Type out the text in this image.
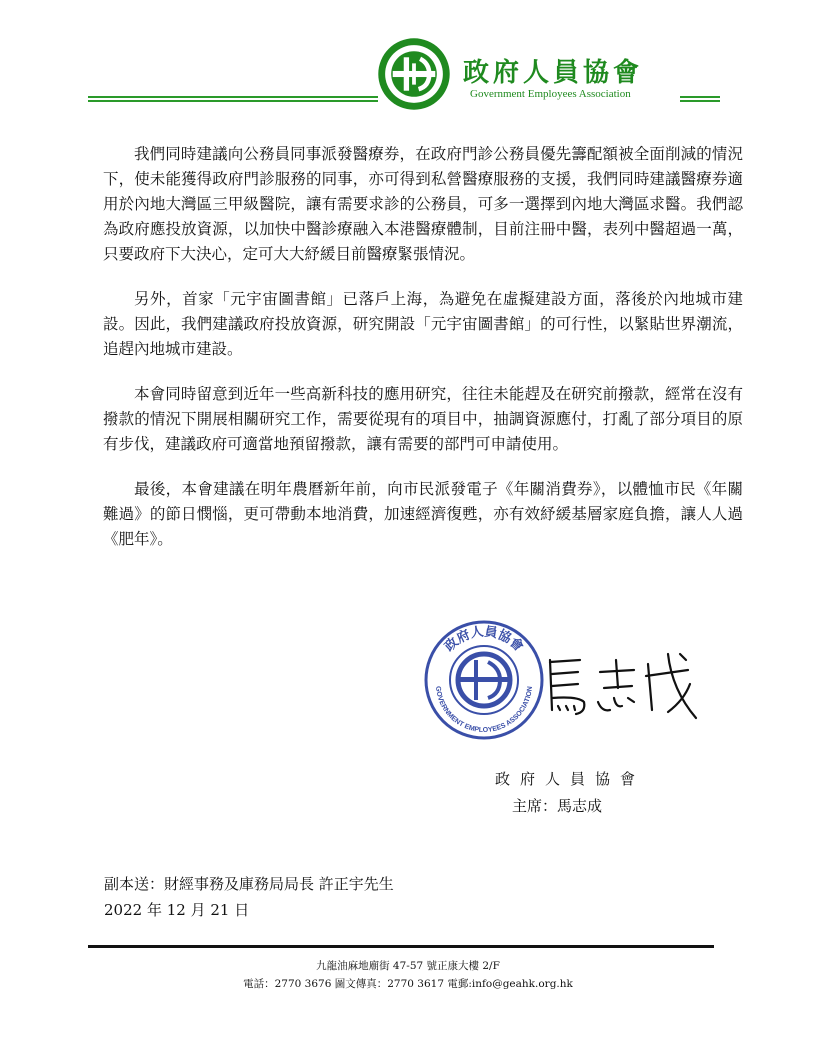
政府人員協會
Government Employees Association

我們同時建議向公務員同事派發醫療券，在政府門診公務員優先籌配額被全面削減的情況下，使未能獲得政府門診服務的同事，亦可得到私營醫療服務的支援，我們同時建議醫療券適用於內地大灣區三甲級醫院，讓有需要求診的公務員，可多一選擇到內地大灣區求醫。我們認為政府應投放資源，以加快中醫診療融入本港醫療體制，目前注冊中醫，表列中醫超過一萬，只要政府下大決心，定可大大紓緩目前醫療緊張情況。

另外，首家「元宇宙圖書館」已落戶上海，為避免在虛擬建設方面，落後於內地城市建設。因此，我們建議政府投放資源，研究開設「元宇宙圖書館」的可行性，以緊貼世界潮流，追趕內地城市建設。

本會同時留意到近年一些高新科技的應用研究，往往未能趕及在研究前撥款，經常在沒有撥款的情況下開展相關研究工作，需要從現有的項目中，抽調資源應付，打亂了部分項目的原有步伐，建議政府可適當地預留撥款，讓有需要的部門可申請使用。

最後，本會建議在明年農曆新年前，向市民派發電子《年關消費券》，以體恤市民《年關難過》的節日憫惱，更可帶動本地消費，加速經濟復甦，亦有效紓緩基層家庭負擔，讓人人過《肥年》。

政府人員協會
GOVERNMENT EMPLOYEES ASSOCIATION
政府人員協會
主席：馬志成
副本送：財經事務及庫務局局長 許正宇先生
2022 年 12 月 21 日
九龍油麻地廟街 47-57 號正康大樓 2/F
電話：2770 3676 圖文傳真：2770 3617 電郵:info@geahk.org.hk
